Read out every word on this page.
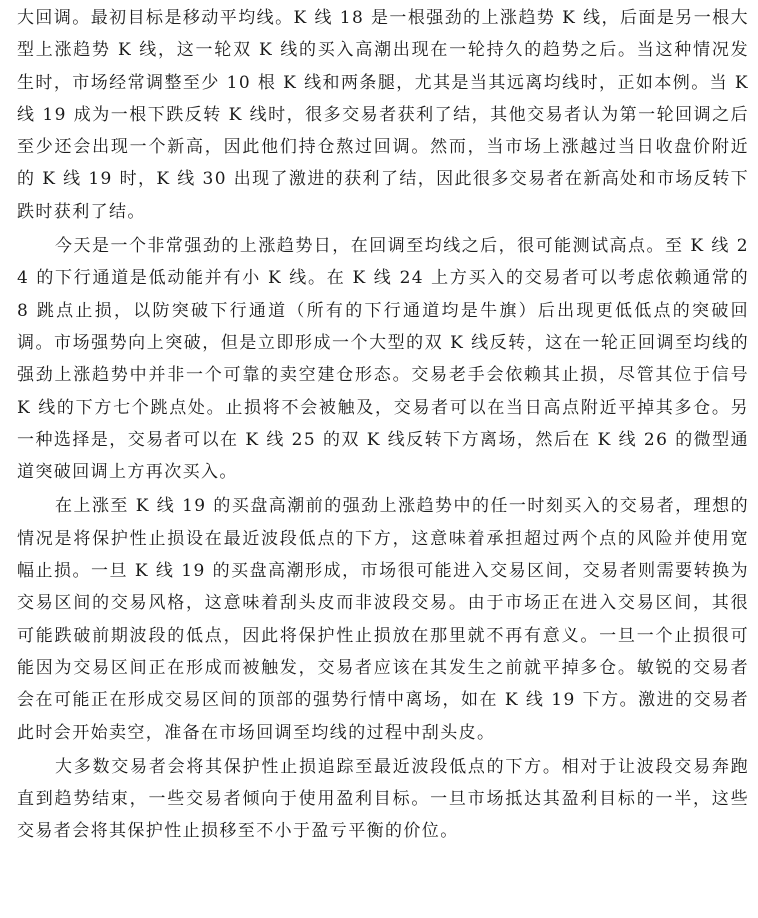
大回调。最初目标是移动平均线。K 线 18 是一根强劲的上涨趋势 K 线，后面是另一根大型上涨趋势 K 线，这一轮双 K 线的买入高潮出现在一轮持久的趋势之后。当这种情况发生时，市场经常调整至少 10 根 K 线和两条腿，尤其是当其远离均线时，正如本例。当 K 线 19 成为一根下跌反转 K 线时，很多交易者获利了结，其他交易者认为第一轮回调之后至少还会出现一个新高，因此他们持仓熬过回调。然而，当市场上涨越过当日收盘价附近的 K 线 19 时，K 线 30 出现了激进的获利了结，因此很多交易者在新高处和市场反转下跌时获利了结。

今天是一个非常强劲的上涨趋势日，在回调至均线之后，很可能测试高点。至 K 线 24 的下行通道是低动能并有小 K 线。在 K 线 24 上方买入的交易者可以考虑依赖通常的 8 跳点止损，以防突破下行通道（所有的下行通道均是牛旗）后出现更低低点的突破回调。市场强势向上突破，但是立即形成一个大型的双 K 线反转，这在一轮正回调至均线的强劲上涨趋势中并非一个可靠的卖空建仓形态。交易老手会依赖其止损，尽管其位于信号 K 线的下方七个跳点处。止损将不会被触及，交易者可以在当日高点附近平掉其多仓。另一种选择是，交易者可以在 K 线 25 的双 K 线反转下方离场，然后在 K 线 26 的微型通道突破回调上方再次买入。

在上涨至 K 线 19 的买盘高潮前的强劲上涨趋势中的任一时刻买入的交易者，理想的情况是将保护性止损设在最近波段低点的下方，这意味着承担超过两个点的风险并使用宽幅止损。一旦 K 线 19 的买盘高潮形成，市场很可能进入交易区间，交易者则需要转换为交易区间的交易风格，这意味着刮头皮而非波段交易。由于市场正在进入交易区间，其很可能跌破前期波段的低点，因此将保护性止损放在那里就不再有意义。一旦一个止损很可能因为交易区间正在形成而被触发，交易者应该在其发生之前就平掉多仓。敏锐的交易者会在可能正在形成交易区间的顶部的强势行情中离场，如在 K 线 19 下方。激进的交易者此时会开始卖空，准备在市场回调至均线的过程中刮头皮。

大多数交易者会将其保护性止损追踪至最近波段低点的下方。相对于让波段交易奔跑直到趋势结束，一些交易者倾向于使用盈利目标。一旦市场抵达其盈利目标的一半，这些交易者会将其保护性止损移至不小于盈亏平衡的价位。
